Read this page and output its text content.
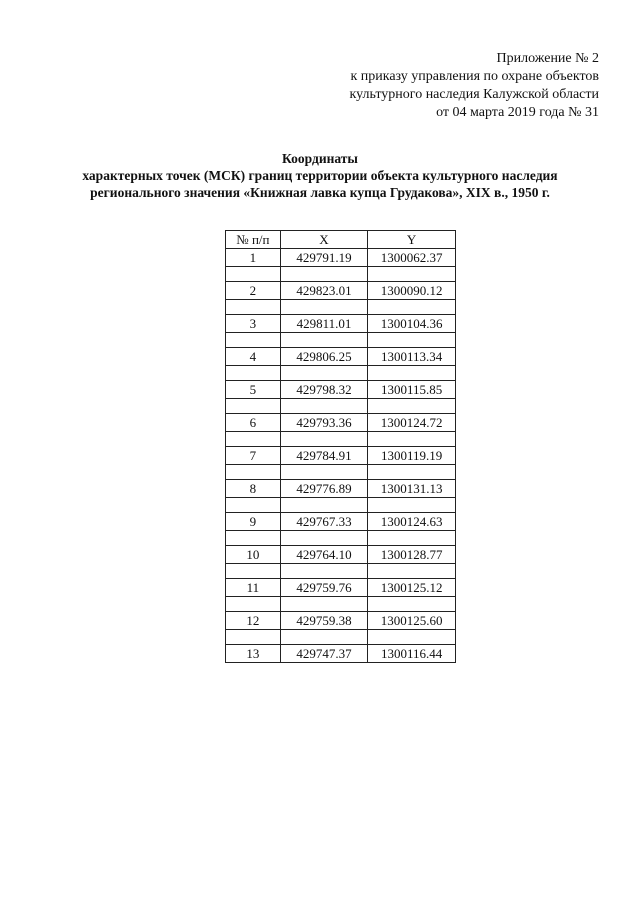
Приложение № 2
к приказу управления по охране объектов
культурного наследия Калужской области
от 04 марта 2019 года № 31
Координаты
характерных точек (МСК) границ территории объекта культурного наследия
регионального значения «Книжная лавка купца Грудакова», XIX в., 1950 г.
№ п/п	X	Y
1	429791.19	1300062.37

2	429823.01	1300090.12

3	429811.01	1300104.36

4	429806.25	1300113.34

5	429798.32	1300115.85

6	429793.36	1300124.72

7	429784.91	1300119.19

8	429776.89	1300131.13

9	429767.33	1300124.63

10	429764.10	1300128.77

11	429759.76	1300125.12

12	429759.38	1300125.60

13	429747.37	1300116.44
